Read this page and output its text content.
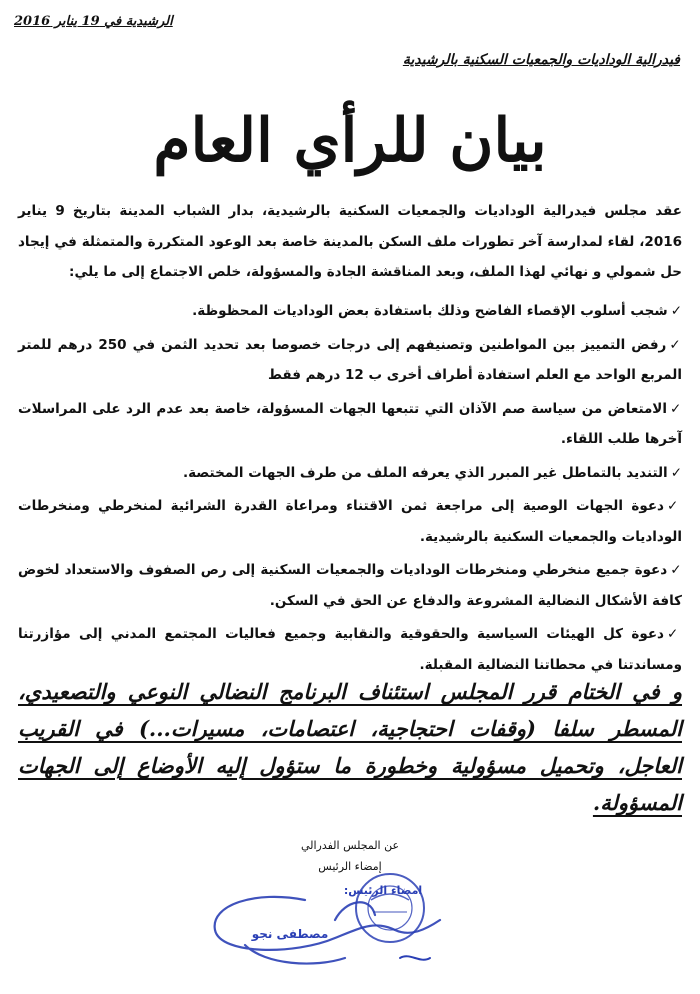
الرشيدية في 19 يناير 2016
فيدرالية الوداديات والجمعيات السكنية بالرشيدية
بيان للرأي العام
عقد مجلس فيدرالية الوداديات والجمعيات السكنية بالرشيدية، بدار الشباب المدينة بتاريخ 9 يناير 2016، لقاء لمدارسة آخر تطورات ملف السكن بالمدينة خاصة بعد الوعود المتكررة والمتمثلة في إيجاد حل شمولي و نهائي لهذا الملف، وبعد المناقشة الجادة والمسؤولة، خلص الاجتماع إلى ما يلي:
✓شجب أسلوب الإقصاء الفاضح وذلك باستفادة بعض الوداديات المحظوظة.
✓رفض التمييز بين المواطنين وتصنيفهم إلى درجات خصوصا بعد تحديد الثمن في 250 درهم للمتر المربع الواحد مع العلم استفادة أطراف أخرى ب 12 درهم فقط
✓الامتعاض من سياسة صم الآذان التي تتبعها الجهات المسؤولة، خاصة بعد عدم الرد على المراسلات آخرها طلب اللقاء.
✓التنديد بالتماطل غير المبرر الذي يعرفه الملف من طرف الجهات المختصة.
✓دعوة الجهات الوصية إلى مراجعة ثمن الاقتناء ومراعاة القدرة الشرائية لمنخرطي ومنخرطات الوداديات والجمعيات السكنية بالرشيدية.
✓دعوة جميع منخرطي ومنخرطات الوداديات والجمعيات السكنية إلى رص الصفوف والاستعداد لخوض كافة الأشكال النضالية المشروعة والدفاع عن الحق في السكن.
✓دعوة كل الهيئات السياسية والحقوقية والنقابية وجميع فعاليات المجتمع المدني إلى مؤازرتنا ومساندتنا في محطاتنا النضالية المقبلة.
و في الختام قرر المجلس استئناف البرنامج النضالي النوعي والتصعيدي، المسطر سلفا (وقفات احتجاجية، اعتصامات، مسيرات...) في القريب العاجل، وتحميل مسؤولية وخطورة ما ستؤول إليه الأوضاع إلى الجهات المسؤولة.
عن المجلس الفدرالي
إمضاء الرئيس
امضاء الرئيس:
مصطفى نجو
